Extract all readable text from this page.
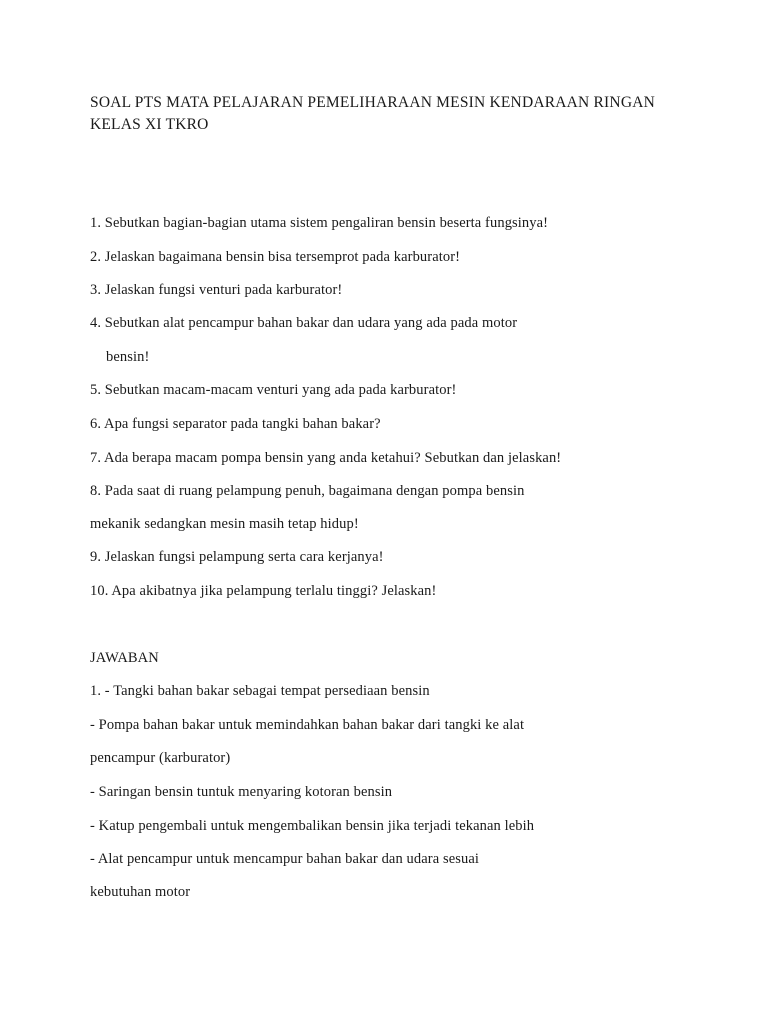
SOAL PTS MATA PELAJARAN PEMELIHARAAN MESIN KENDARAAN RINGAN
KELAS XI TKRO
1. Sebutkan bagian-bagian utama sistem pengaliran bensin beserta fungsinya!
2. Jelaskan bagaimana bensin bisa tersemprot pada karburator!
3. Jelaskan fungsi venturi pada karburator!
4. Sebutkan alat pencampur bahan bakar dan udara yang ada pada motor
bensin!
5. Sebutkan macam-macam venturi yang ada pada karburator!
6. Apa fungsi separator pada tangki bahan bakar?
7. Ada berapa macam pompa bensin yang anda ketahui? Sebutkan dan jelaskan!
8. Pada saat di ruang pelampung penuh, bagaimana dengan pompa bensin
mekanik sedangkan mesin masih tetap hidup!
9. Jelaskan fungsi pelampung serta cara kerjanya!
10. Apa akibatnya jika pelampung terlalu tinggi? Jelaskan!
JAWABAN
1. - Tangki bahan bakar sebagai tempat persediaan bensin
- Pompa bahan bakar untuk memindahkan bahan bakar dari tangki ke alat
pencampur (karburator)
- Saringan bensin tuntuk menyaring kotoran bensin
- Katup pengembali untuk mengembalikan bensin jika terjadi tekanan lebih
- Alat pencampur untuk mencampur bahan bakar dan udara sesuai
kebutuhan motor
